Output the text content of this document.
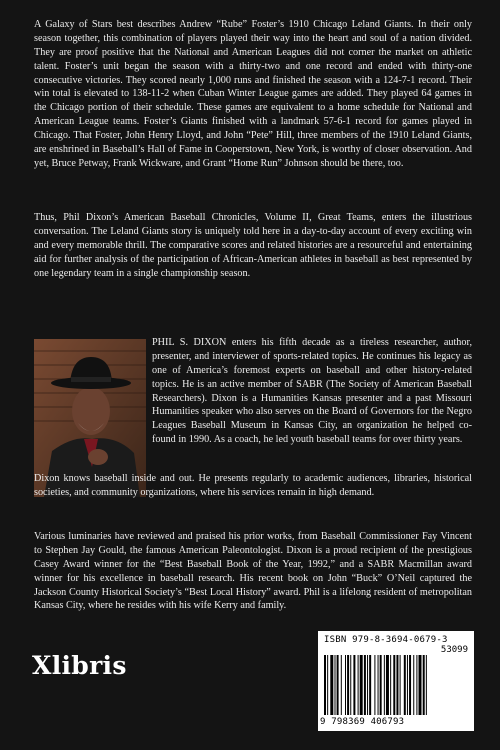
A Galaxy of Stars best describes Andrew “Rube” Foster’s 1910 Chicago Leland Giants. In their only season together, this combination of players played their way into the heart and soul of a nation divided. They are proof positive that the National and American Leagues did not corner the market on athletic talent. Foster’s unit began the season with a thirty-two and one record and ended with thirty-one consecutive victories. They scored nearly 1,000 runs and finished the season with a 124-7-1 record. Their win total is elevated to 138-11-2 when Cuban Winter League games are added. They played 64 games in the Chicago portion of their schedule. These games are equivalent to a home schedule for National and American League teams. Foster’s Giants finished with a landmark 57-6-1 record for games played in Chicago. That Foster, John Henry Lloyd, and John “Pete” Hill, three members of the 1910 Leland Giants, are enshrined in Baseball’s Hall of Fame in Cooperstown, New York, is worthy of closer observation. And yet, Bruce Petway, Frank Wickware, and Grant “Home Run” Johnson should be there, too.

Thus, Phil Dixon’s American Baseball Chronicles, Volume II, Great Teams, enters the illustrious conversation. The Leland Giants story is uniquely told here in a day-to-day account of every exciting win and every memorable thrill. The comparative scores and related histories are a resourceful and entertaining aid for further analysis of the participation of African-American athletes in baseball as best represented by one legendary team in a single championship season.

PHIL S. DIXON enters his fifth decade as a tireless researcher, author, presenter, and interviewer of sports-related topics. He continues his legacy as one of America’s foremost experts on baseball and other history-related topics. He is an active member of SABR (The Society of American Baseball Researchers). Dixon is a Humanities Kansas presenter and a past Missouri Humanities speaker who also serves on the Board of Governors for the Negro Leagues Baseball Museum in Kansas City, an organization he helped co-found in 1990. As a coach, he led youth baseball teams for over thirty years.

Dixon knows baseball inside and out. He presents regularly to academic audiences, libraries, historical societies, and community organizations, where his services remain in high demand.

Various luminaries have reviewed and praised his prior works, from Baseball Commissioner Fay Vincent to Stephen Jay Gould, the famous American Paleontologist. Dixon is a proud recipient of the prestigious Casey Award winner for the “Best Baseball Book of the Year, 1992,” and a SABR Macmillan award winner for his excellence in baseball research. His recent book on John “Buck” O’Neil captured the Jackson County Historical Society’s “Best Local History” award. Phil is a lifelong resident of metropolitan Kansas City, where he resides with his wife Kerry and family.

Xlibris
ISBN 979-8-3694-0679-3
53099
9 798369 406793
